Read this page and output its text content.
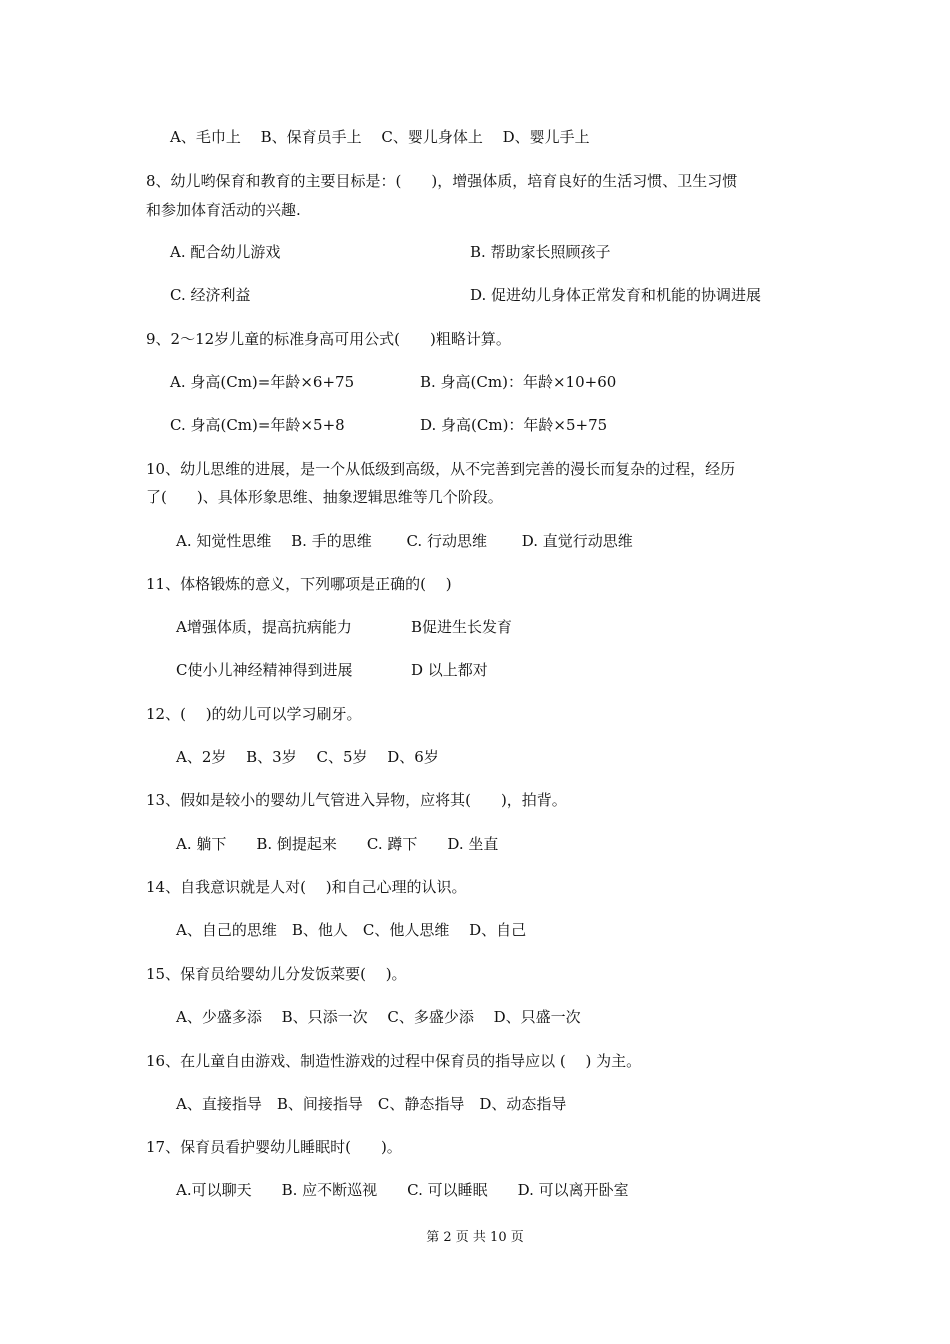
A、毛巾上　 B、保育员手上　 C、婴儿身体上　 D、婴儿手上
8、幼儿哟保育和教育的主要目标是：(　　)，增强体质，培育良好的生活习惯、卫生习惯
和参加体育活动的兴趣.
A. 配合幼儿游戏	B. 帮助家长照顾孩子
C. 经济利益	D. 促进幼儿身体正常发育和机能的协调进展
9、2～12岁儿童的标准身高可用公式(　　)粗略计算。
A. 身高(Cm)=年龄×6+75	B. 身高(Cm)：年龄×10+60
C. 身高(Cm)=年龄×5+8	D. 身高(Cm)：年龄×5+75
10、幼儿思维的进展，是一个从低级到高级，从不完善到完善的漫长而复杂的过程，经历
了(　　)、具体形象思维、抽象逻辑思维等几个阶段。
A. 知觉性思维　 B. 手的思维　　 C. 行动思维　　 D. 直觉行动思维
11、体格锻炼的意义，下列哪项是正确的(　 )
A增强体质，提高抗病能力	B促进生长发育
C使小儿神经精神得到进展	D 以上都对
12、(　 )的幼儿可以学习刷牙。
A、2岁　 B、3岁　 C、5岁　 D、6岁
13、假如是较小的婴幼儿气管进入异物，应将其(　　)，拍背。
A. 躺下　　B. 倒提起来　　C. 蹲下　　D. 坐直
14、自我意识就是人对(　 )和自己心理的认识。
A、自己的思维　B、他人　C、他人思维　 D、自己
15、保育员给婴幼儿分发饭菜要(　 )。
A、少盛多添　 B、只添一次　 C、多盛少添　 D、只盛一次
16、在儿童自由游戏、制造性游戏的过程中保育员的指导应以 (　 ) 为主。
A、直接指导　B、间接指导　C、静态指导　D、动态指导
17、保育员看护婴幼儿睡眠时(　　)。
A.可以聊天　　B. 应不断巡视　　C. 可以睡眠　　D. 可以离开卧室
第 2 页 共 10 页
